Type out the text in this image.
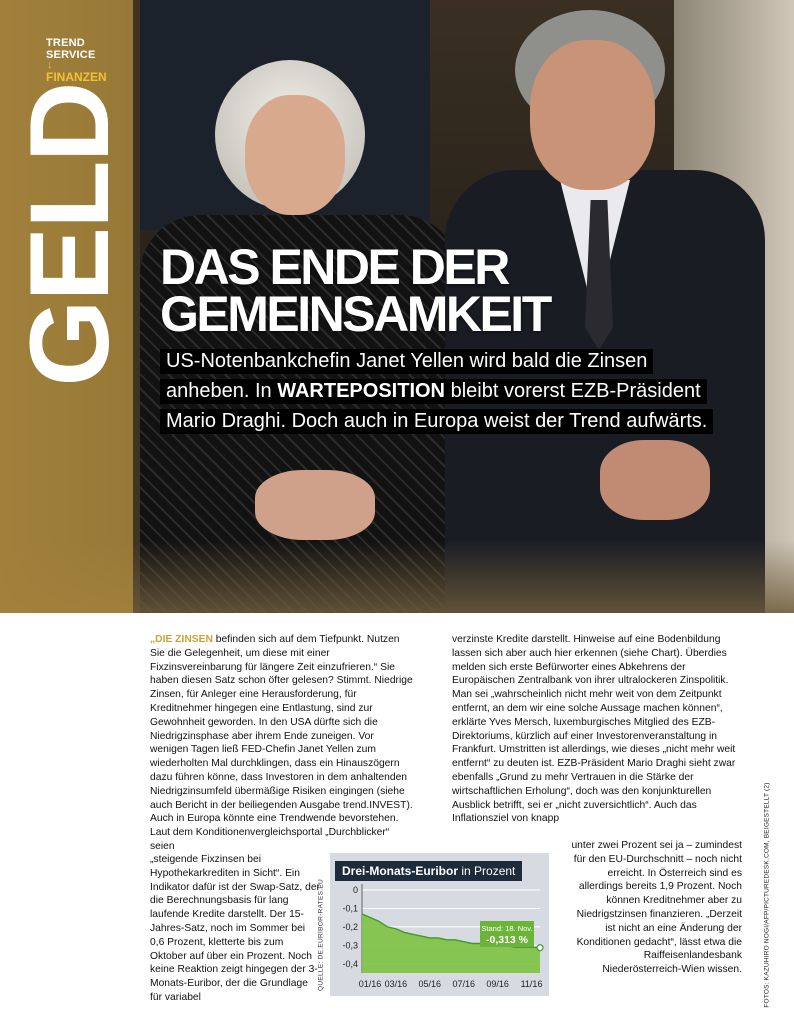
TREND
SERVICE
↓
FINANZEN
GELD DAS ENDE DER
GEMEINSAMKEIT
US-Notenbankchefin Janet Yellen wird bald die Zinsen
anheben. In WARTEPOSITION bleibt vorerst EZB-Präsident
Mario Draghi. Doch auch in Europa weist der Trend aufwärts.

„DIE ZINSEN befinden sich auf dem Tiefpunkt. Nutzen Sie die Gelegenheit, um diese mit einer Fixzinsvereinbarung für längere Zeit einzufrieren.“ Sie haben diesen Satz schon öfter gelesen? Stimmt. Niedrige Zinsen, für Anleger eine Herausforderung, für Kreditnehmer hingegen eine Entlastung, sind zur Gewohnheit geworden. In den USA dürfte sich die Niedrigzinsphase aber ihrem Ende zuneigen. Vor wenigen Tagen ließ FED-Chefin Janet Yellen zum wiederholten Mal durchklingen, dass ein Hinauszögern dazu führen könne, dass Investoren in dem anhaltenden Niedrigzinsumfeld übermäßige Risiken eingingen (siehe auch Bericht in der beiliegenden Ausgabe trend.INVEST). Auch in Europa könnte eine Trendwende bevorstehen. Laut dem Konditionenvergleichsportal „Durchblicker“ seien

„steigende Fixzinsen bei Hypothekarkrediten in Sicht“. Ein Indikator dafür ist der Swap-Satz, der die Berechnungsbasis für lang laufende Kredite darstellt. Der 15-Jahres-Satz, noch im Sommer bei 0,6 Prozent, kletterte bis zum Oktober auf über ein Prozent. Noch keine Reaktion zeigt hingegen der 3-Monats-Euribor, der die Grundlage für variabel

verzinste Kredite darstellt. Hinweise auf eine Bodenbildung lassen sich aber auch hier erkennen (siehe Chart). Überdies melden sich erste Befürworter eines Abkehrens der Europäischen Zentralbank von ihrer ultralockeren Zinspolitik. Man sei „wahrscheinlich nicht mehr weit von dem Zeitpunkt entfernt, an dem wir eine solche Aussage machen können“, erklärte Yves Mersch, luxemburgisches Mitglied des EZB-Direktoriums, kürzlich auf einer Investorenveranstaltung in Frankfurt. Umstritten ist allerdings, wie dieses „nicht mehr weit entfernt“ zu deuten ist. EZB-Präsident Mario Draghi sieht zwar ebenfalls „Grund zu mehr Vertrauen in die Stärke der wirtschaftlichen Erholung“, doch was den konjunkturellen Ausblick betrifft, sei er „nicht zuversichtlich“. Auch das Inflationsziel von knapp

unter zwei Prozent sei ja – zumindest für den EU-Durchschnitt – noch nicht erreicht. In Österreich sind es allerdings bereits 1,9 Prozent. Noch können Kreditnehmer aber zu Niedrigstzinsen finanzieren. „Derzeit ist nicht an eine Änderung der Konditionen gedacht“, lässt etwa die Raiffeisenlandesbank Niederösterreich-Wien wissen.

Drei-Monats-Euribor in Prozent
0
-0,1
-0,2
-0,3
-0,4
01/16 03/16 05/16 07/16 09/16 11/16
Stand: 18. Nov.
-0,313 %
QUELLE: DE.EURIBOR-RATES.EU	FOTOS: KAZUHIRO NOGI/AFP/PICTUREDESK.COM, BEIGESTELLT (2)
